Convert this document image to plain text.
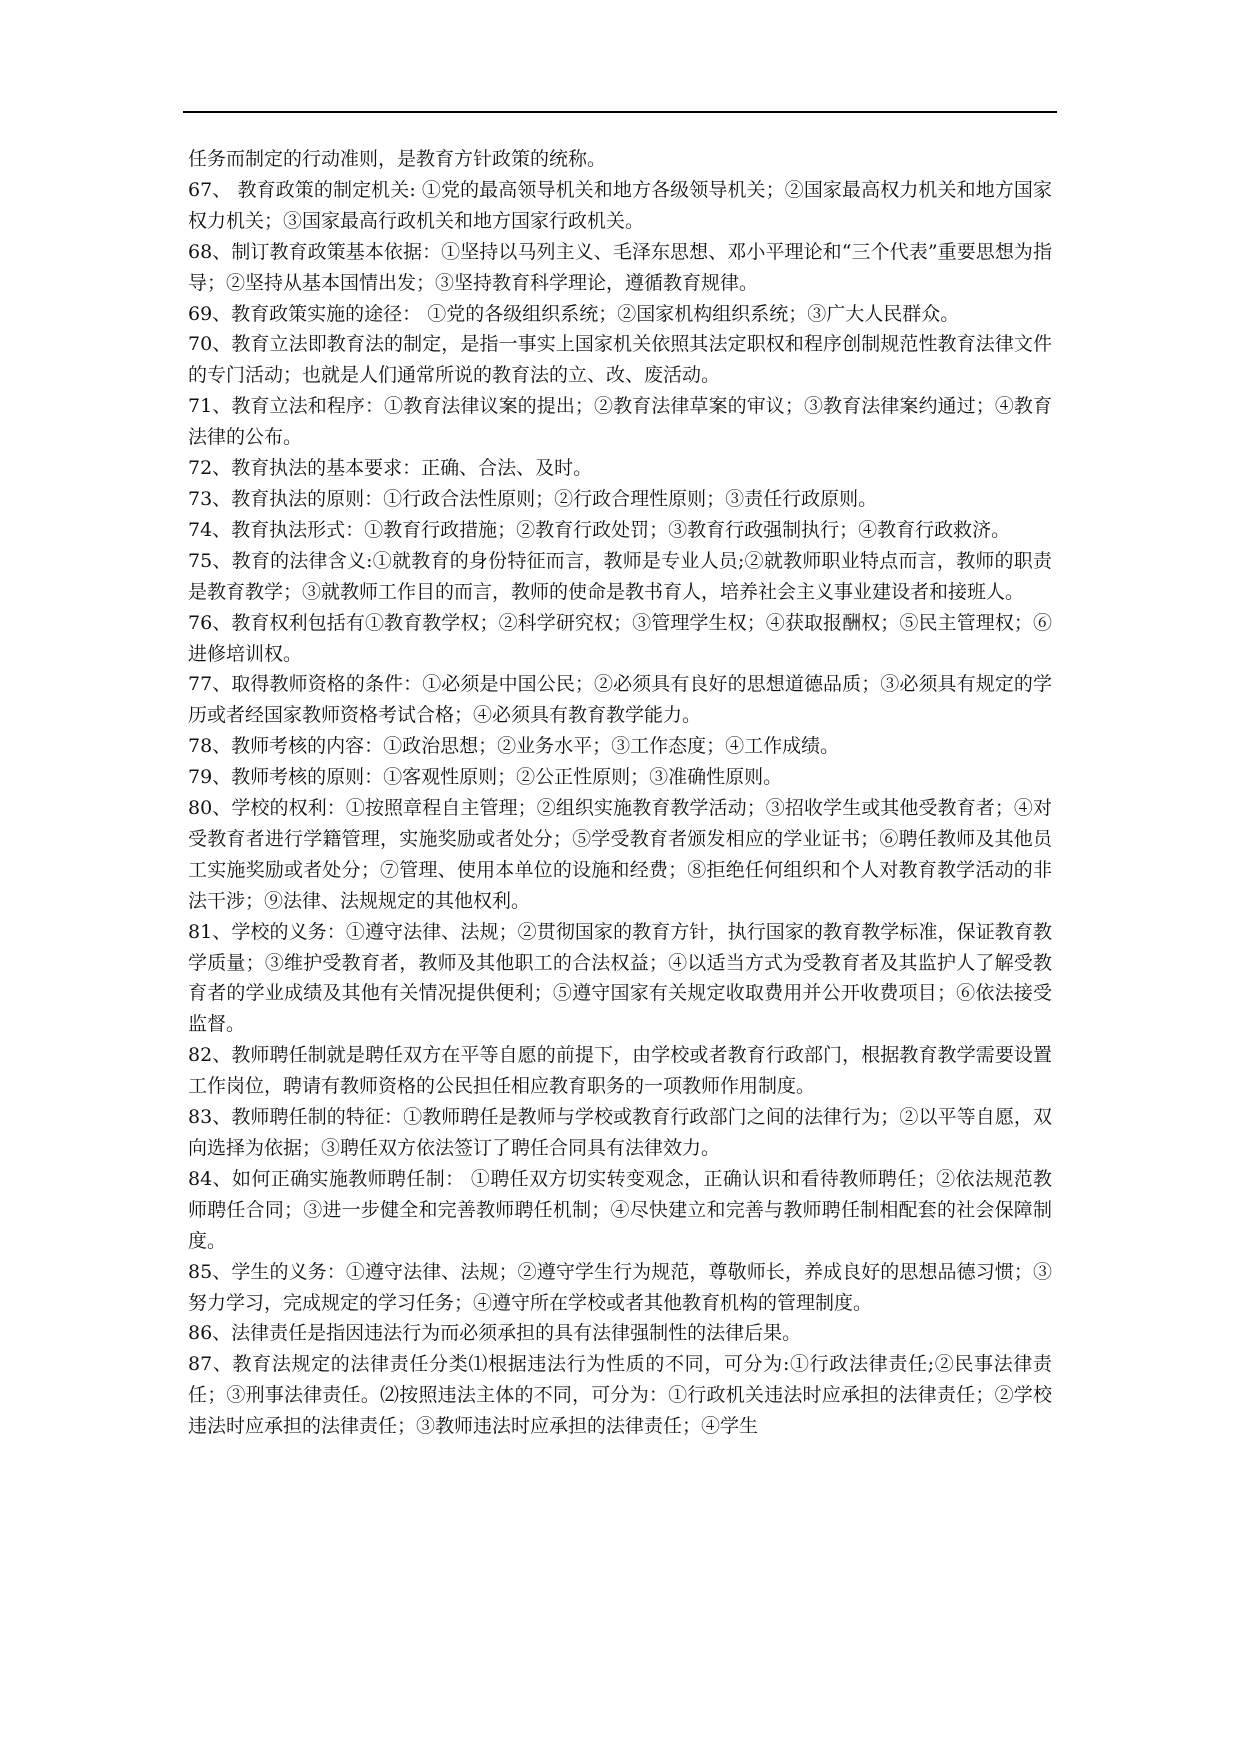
任务而制定的行动准则，是教育方针政策的统称。

67、 教育政策的制定机关: ①党的最高领导机关和地方各级领导机关；②国家最高权力机关和地方国家权力机关；③国家最高行政机关和地方国家行政机关。

68、制订教育政策基本依据：①坚持以马列主义、毛泽东思想、邓小平理论和“三个代表”重要思想为指导；②坚持从基本国情出发；③坚持教育科学理论，遵循教育规律。

69、教育政策实施的途径： ①党的各级组织系统；②国家机构组织系统；③广大人民群众。

70、教育立法即教育法的制定，是指一事实上国家机关依照其法定职权和程序创制规范性教育法律文件的专门活动；也就是人们通常所说的教育法的立、改、废活动。

71、教育立法和程序：①教育法律议案的提出；②教育法律草案的审议；③教育法律案约通过；④教育法律的公布。

72、教育执法的基本要求：正确、合法、及时。

73、教育执法的原则：①行政合法性原则；②行政合理性原则；③责任行政原则。

74、教育执法形式：①教育行政措施；②教育行政处罚；③教育行政强制执行；④教育行政救济。

75、教育的法律含义:①就教育的身份特征而言，教师是专业人员;②就教师职业特点而言，教师的职责是教育教学；③就教师工作目的而言，教师的使命是教书育人，培养社会主义事业建设者和接班人。

76、教育权利包括有①教育教学权；②科学研究权；③管理学生权；④获取报酬权；⑤民主管理权；⑥进修培训权。

77、取得教师资格的条件：①必须是中国公民；②必须具有良好的思想道德品质；③必须具有规定的学历或者经国家教师资格考试合格；④必须具有教育教学能力。

78、教师考核的内容：①政治思想；②业务水平；③工作态度；④工作成绩。

79、教师考核的原则：①客观性原则；②公正性原则；③准确性原则。

80、学校的权利：①按照章程自主管理；②组织实施教育教学活动；③招收学生或其他受教育者；④对受教育者进行学籍管理，实施奖励或者处分；⑤学受教育者颁发相应的学业证书；⑥聘任教师及其他员工实施奖励或者处分；⑦管理、使用本单位的设施和经费；⑧拒绝任何组织和个人对教育教学活动的非法干涉；⑨法律、法规规定的其他权利。

81、学校的义务：①遵守法律、法规；②贯彻国家的教育方针，执行国家的教育教学标准，保证教育教学质量；③维护受教育者，教师及其他职工的合法权益；④以适当方式为受教育者及其监护人了解受教育者的学业成绩及其他有关情况提供便利；⑤遵守国家有关规定收取费用并公开收费项目；⑥依法接受监督。

82、教师聘任制就是聘任双方在平等自愿的前提下，由学校或者教育行政部门，根据教育教学需要设置工作岗位，聘请有教师资格的公民担任相应教育职务的一项教师作用制度。

83、教师聘任制的特征：①教师聘任是教师与学校或教育行政部门之间的法律行为；②以平等自愿，双向选择为依据；③聘任双方依法签订了聘任合同具有法律效力。

84、如何正确实施教师聘任制： ①聘任双方切实转变观念，正确认识和看待教师聘任；②依法规范教师聘任合同；③进一步健全和完善教师聘任机制；④尽快建立和完善与教师聘任制相配套的社会保障制度。

85、学生的义务：①遵守法律、法规；②遵守学生行为规范，尊敬师长，养成良好的思想品德习惯；③努力学习，完成规定的学习任务；④遵守所在学校或者其他教育机构的管理制度。

86、法律责任是指因违法行为而必须承担的具有法律强制性的法律后果。

87、教育法规定的法律责任分类⑴根据违法行为性质的不同，可分为:①行政法律责任;②民事法律责任；③刑事法律责任。⑵按照违法主体的不同，可分为：①行政机关违法时应承担的法律责任；②学校违法时应承担的法律责任；③教师违法时应承担的法律责任；④学生
